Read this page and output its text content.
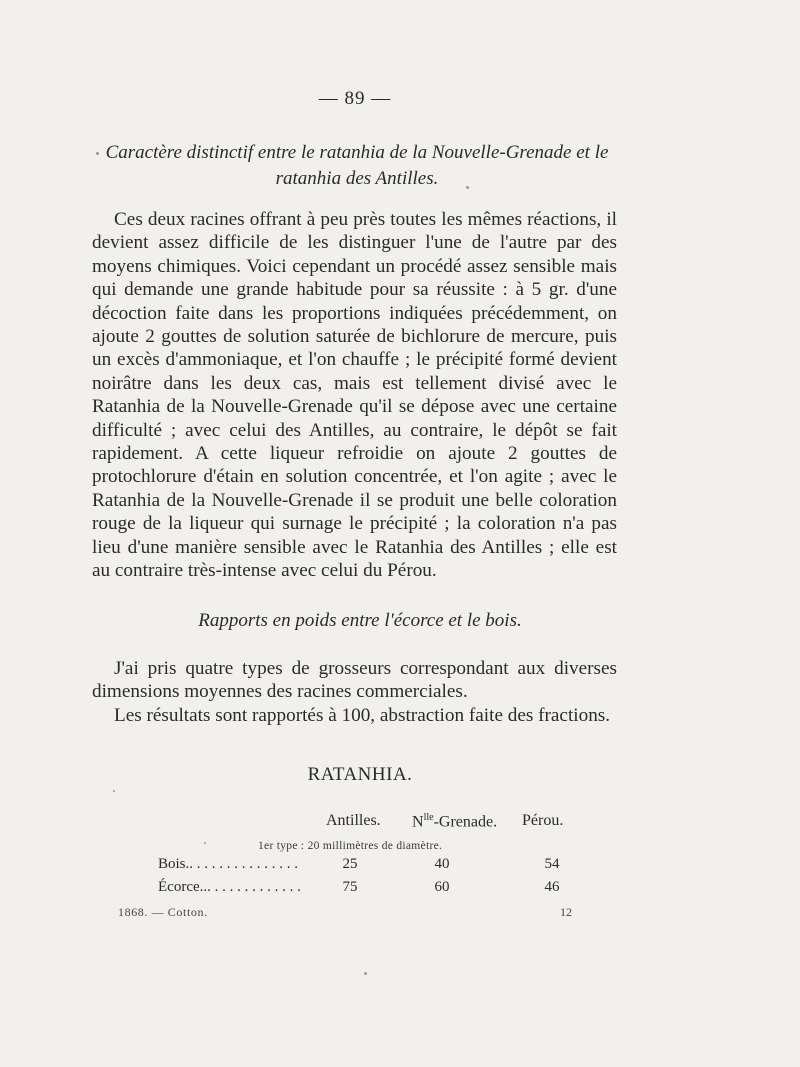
— 89 —
Caractère distinctif entre le ratanhia de la Nouvelle-Grenade et le
ratanhia des Antilles.

Ces deux racines offrant à peu près toutes les mêmes réactions, il devient assez difficile de les distinguer l'une de l'autre par des moyens chimiques. Voici cependant un procédé assez sensible mais qui demande une grande habitude pour sa réussite : à 5 gr. d'une décoction faite dans les proportions indiquées précédemment, on ajoute 2 gouttes de solution saturée de bichlorure de mercure, puis un excès d'ammoniaque, et l'on chauffe ; le précipité formé devient noirâtre dans les deux cas, mais est tellement divisé avec le Ratanhia de la Nouvelle-Grenade qu'il se dépose avec une certaine difficulté ; avec celui des Antilles, au contraire, le dépôt se fait rapidement. A cette liqueur refroidie on ajoute 2 gouttes de protochlorure d'étain en solution concentrée, et l'on agite ; avec le Ratanhia de la Nouvelle-Grenade il se produit une belle coloration rouge de la liqueur qui surnage le précipité ; la coloration n'a pas lieu d'une manière sensible avec le Ratanhia des Antilles ; elle est au contraire très-intense avec celui du Pérou.

Rapports en poids entre l'écorce et le bois.

J'ai pris quatre types de grosseurs correspondant aux diverses dimensions moyennes des racines commerciales.

Les résultats sont rapportés à 100, abstraction faite des fractions.

RATANHIA.
Antilles. $N^{lle}$-Grenade. Pérou.
1er type : 20 millimètres de diamètre.
Bois.. . . . . . . . . . . . . . .	25	40	54
Écorce... . . . . . . . . . . . .	75	60	46
1868. — Cotton.	12
